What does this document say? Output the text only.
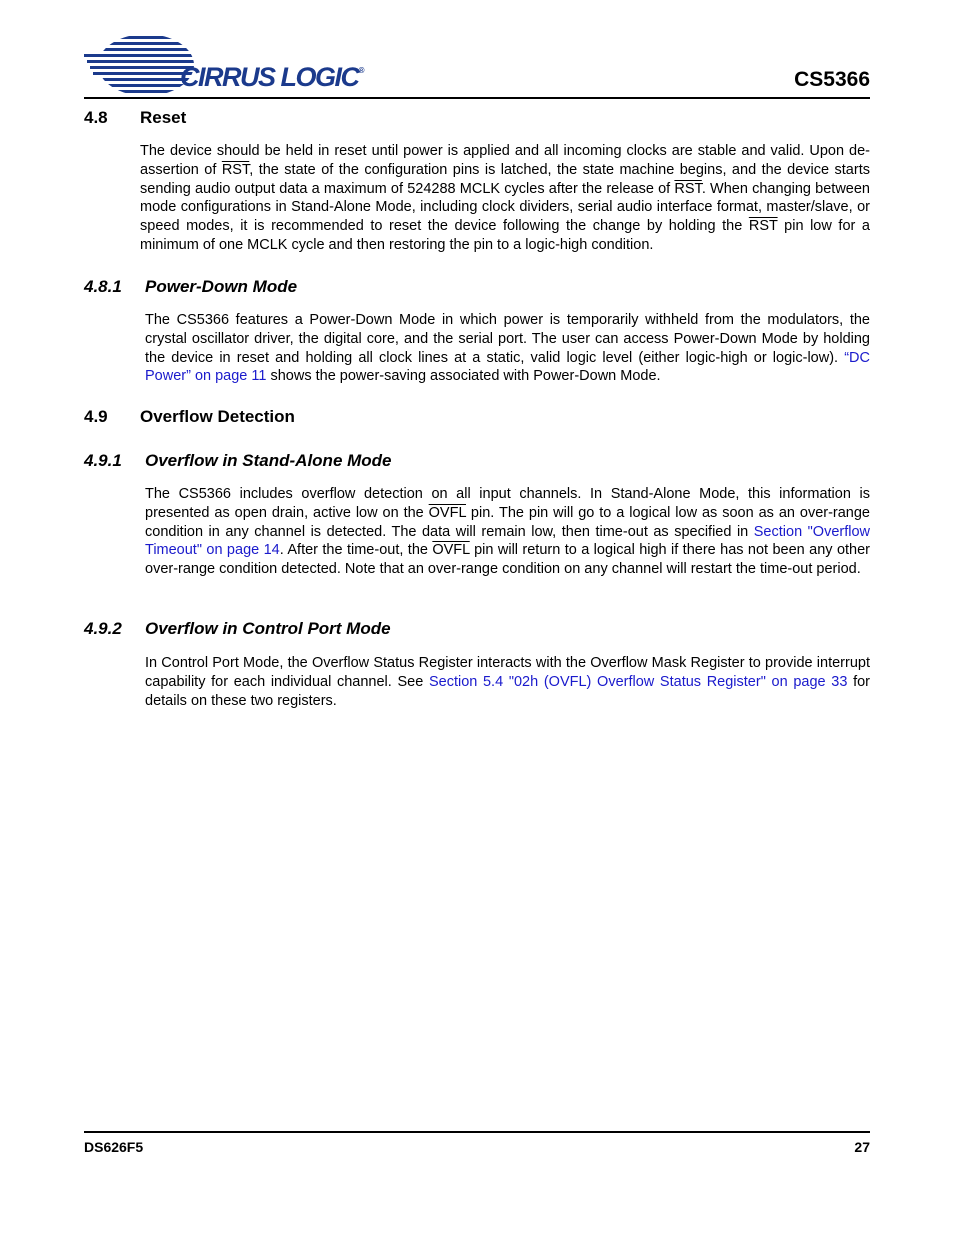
CIRRUS LOGIC®	CS5366
4.8 Reset

The device should be held in reset until power is applied and all incoming clocks are stable and valid. Upon de-assertion of $\overline{RST}$, the state of the configuration pins is latched, the state machine begins, and the device starts sending audio output data a maximum of 524288 MCLK cycles after the release of $\overline{RST}$. When changing between mode configurations in Stand-Alone Mode, including clock dividers, serial audio interface format, master/slave, or speed modes, it is recommended to reset the device following the change by holding the $\overline{RST}$ pin low for a minimum of one MCLK cycle and then restoring the pin to a logic-high condition.

4.8.1 Power-Down Mode

The CS5366 features a Power-Down Mode in which power is temporarily withheld from the modulators, the crystal oscillator driver, the digital core, and the serial port. The user can access Power-Down Mode by holding the device in reset and holding all clock lines at a static, valid logic level (either logic-high or logic-low). “DC Power” on page 11 shows the power-saving associated with Power-Down Mode.

4.9 Overflow Detection
4.9.1 Overflow in Stand-Alone Mode

The CS5366 includes overflow detection on all input channels. In Stand-Alone Mode, this information is presented as open drain, active low on the OVFL pin. The pin will go to a logical low as soon as an over-range condition in any channel is detected. The data will remain low, then time-out as specified in Section "Overflow Timeout" on page 14. After the time-out, the OVFL pin will return to a logical high if there has not been any other over-range condition detected. Note that an over-range condition on any channel will restart the time-out period.

4.9.2 Overflow in Control Port Mode

In Control Port Mode, the Overflow Status Register interacts with the Overflow Mask Register to provide interrupt capability for each individual channel. See Section 5.4 "02h (OVFL) Overflow Status Register" on page 33 for details on these two registers.

DS626F5	27
